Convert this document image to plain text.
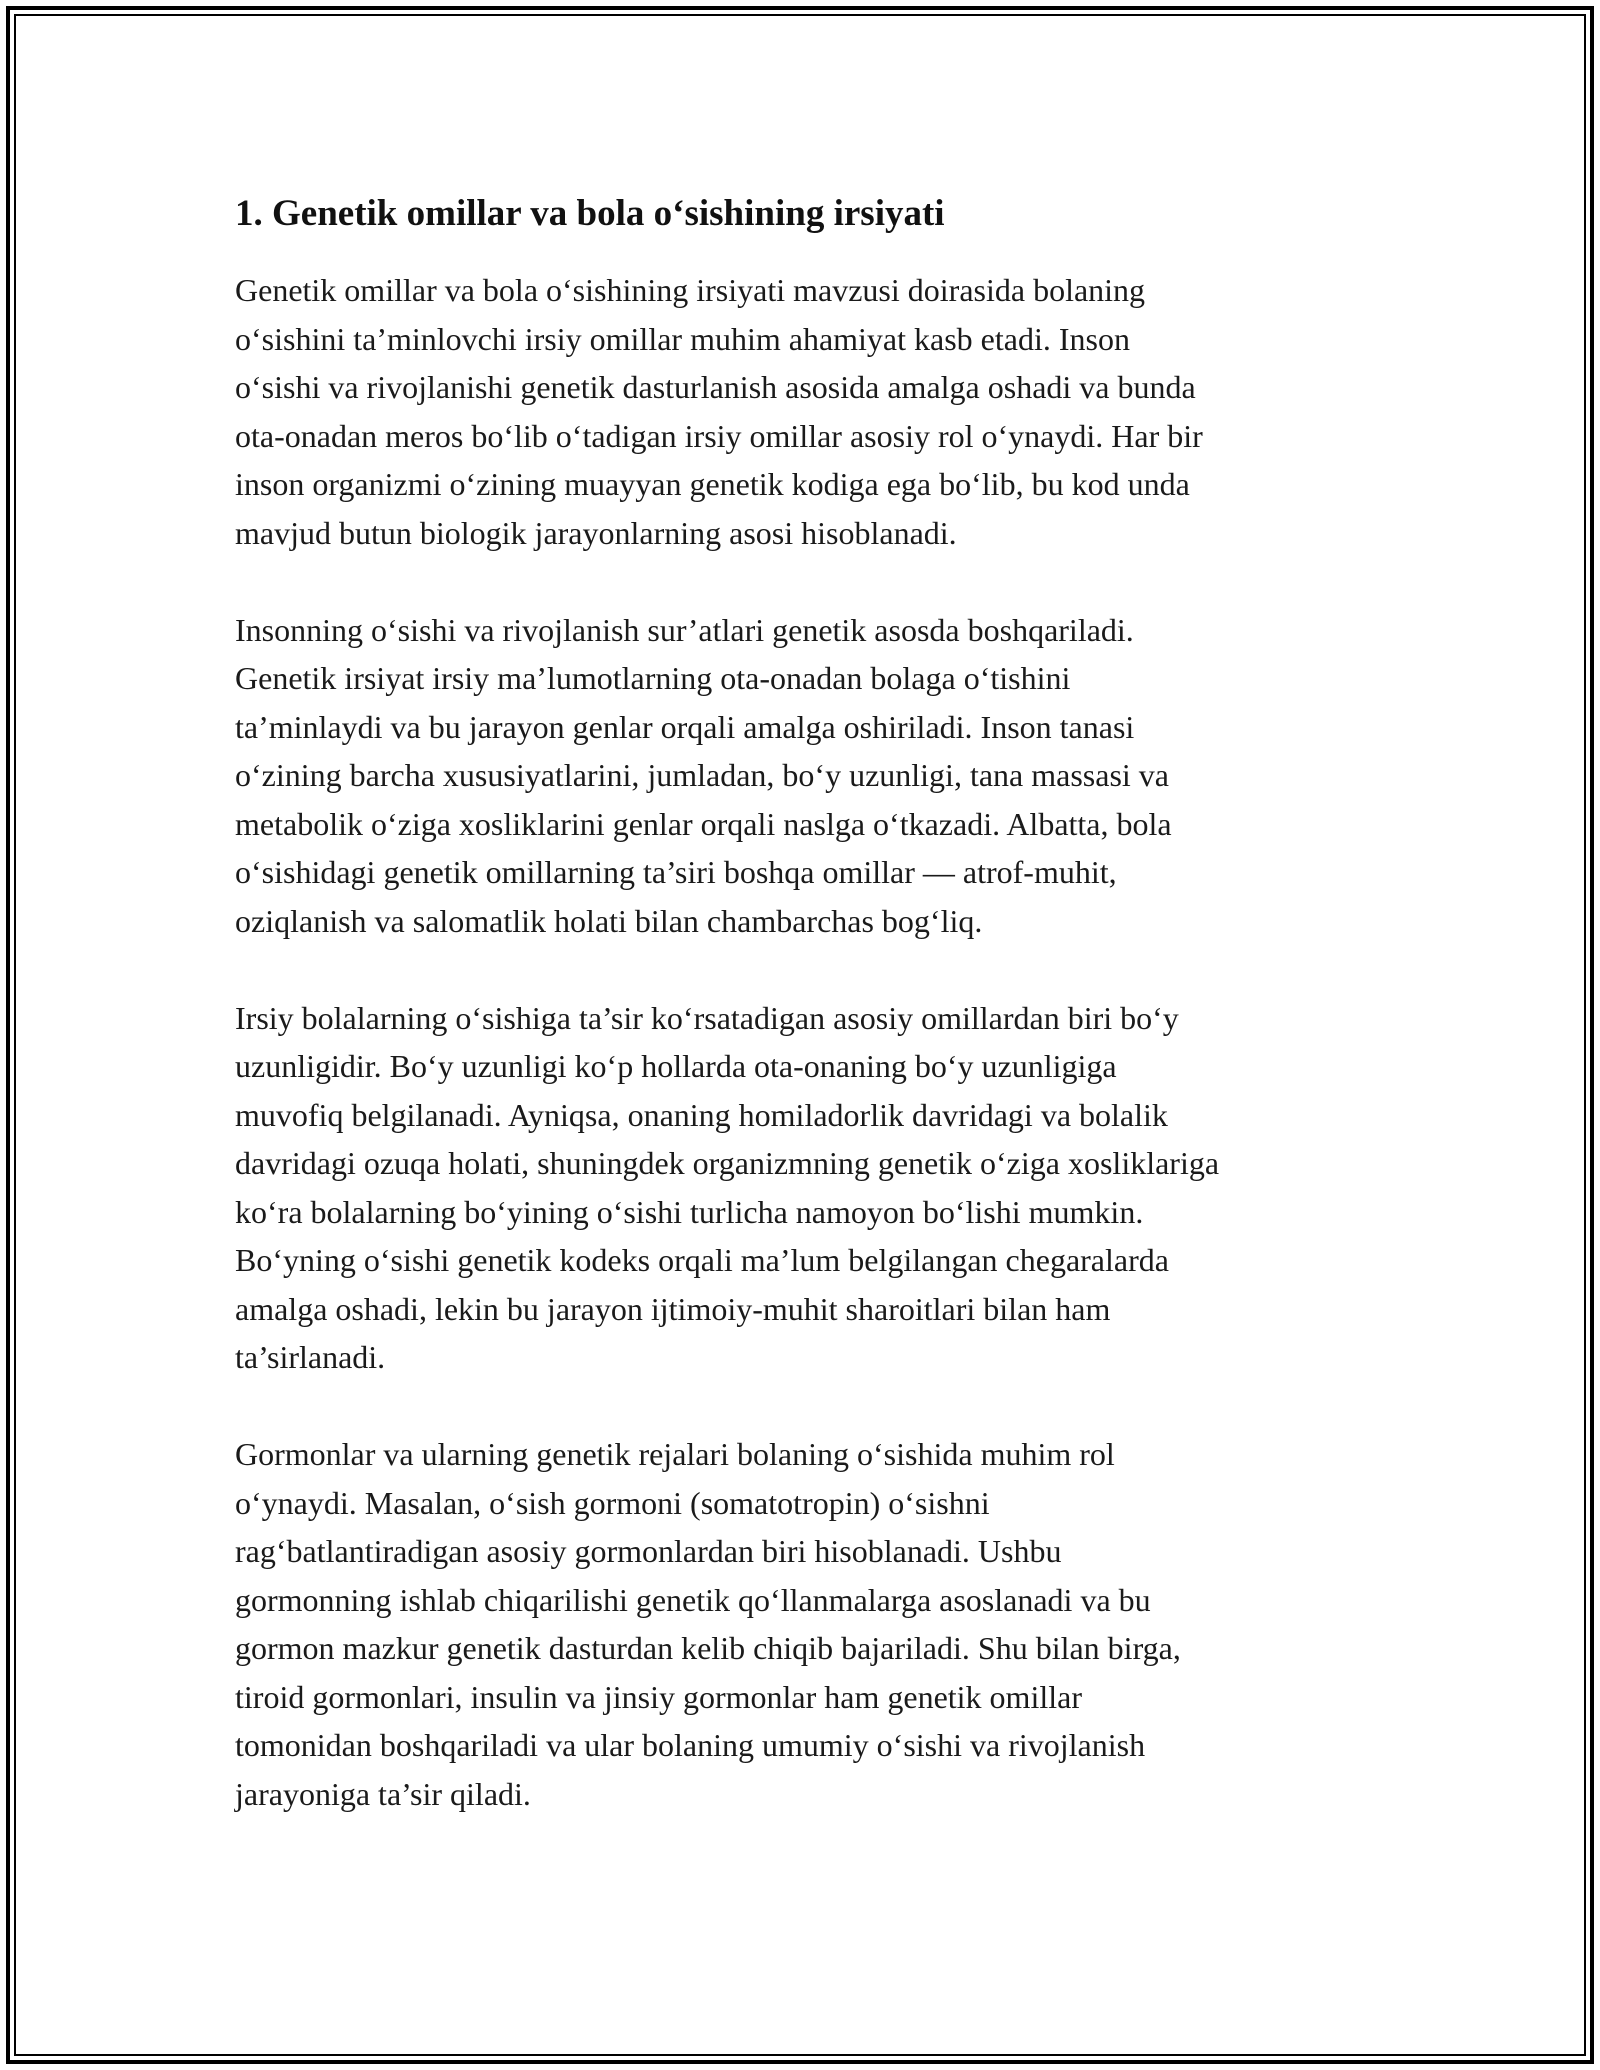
1. Genetik omillar va bola o‘sishining irsiyati

Genetik omillar va bola o‘sishining irsiyati mavzusi doirasida bolaning
o‘sishini ta’minlovchi irsiy omillar muhim ahamiyat kasb etadi. Inson
o‘sishi va rivojlanishi genetik dasturlanish asosida amalga oshadi va bunda
ota-onadan meros bo‘lib o‘tadigan irsiy omillar asosiy rol o‘ynaydi. Har bir
inson organizmi o‘zining muayyan genetik kodiga ega bo‘lib, bu kod unda
mavjud butun biologik jarayonlarning asosi hisoblanadi.

Insonning o‘sishi va rivojlanish sur’atlari genetik asosda boshqariladi.
Genetik irsiyat irsiy ma’lumotlarning ota-onadan bolaga o‘tishini
ta’minlaydi va bu jarayon genlar orqali amalga oshiriladi. Inson tanasi
o‘zining barcha xususiyatlarini, jumladan, bo‘y uzunligi, tana massasi va
metabolik o‘ziga xosliklarini genlar orqali naslga o‘tkazadi. Albatta, bola
o‘sishidagi genetik omillarning ta’siri boshqa omillar — atrof-muhit,
oziqlanish va salomatlik holati bilan chambarchas bog‘liq.

Irsiy bolalarning o‘sishiga ta’sir ko‘rsatadigan asosiy omillardan biri bo‘y
uzunligidir. Bo‘y uzunligi ko‘p hollarda ota-onaning bo‘y uzunligiga
muvofiq belgilanadi. Ayniqsa, onaning homiladorlik davridagi va bolalik
davridagi ozuqa holati, shuningdek organizmning genetik o‘ziga xosliklariga
ko‘ra bolalarning bo‘yining o‘sishi turlicha namoyon bo‘lishi mumkin.
Bo‘yning o‘sishi genetik kodeks orqali ma’lum belgilangan chegaralarda
amalga oshadi, lekin bu jarayon ijtimoiy-muhit sharoitlari bilan ham
ta’sirlanadi.

Gormonlar va ularning genetik rejalari bolaning o‘sishida muhim rol
o‘ynaydi. Masalan, o‘sish gormoni (somatotropin) o‘sishni
rag‘batlantiradigan asosiy gormonlardan biri hisoblanadi. Ushbu
gormonning ishlab chiqarilishi genetik qo‘llanmalarga asoslanadi va bu
gormon mazkur genetik dasturdan kelib chiqib bajariladi. Shu bilan birga,
tiroid gormonlari, insulin va jinsiy gormonlar ham genetik omillar
tomonidan boshqariladi va ular bolaning umumiy o‘sishi va rivojlanish
jarayoniga ta’sir qiladi.
